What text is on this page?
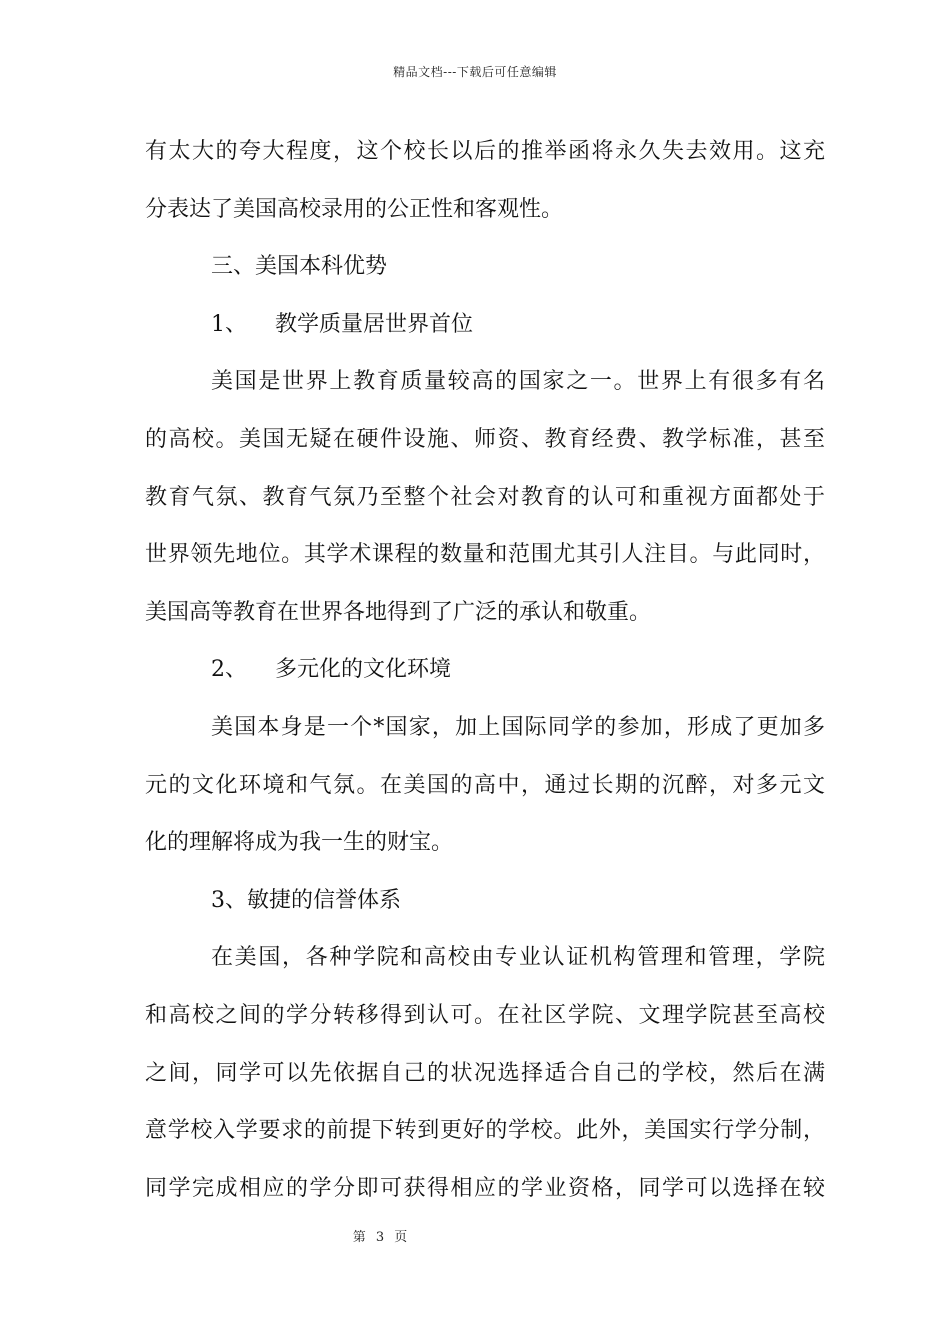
精品文档---下载后可任意编辑
有太大的夸大程度，这个校长以后的推举函将永久失去效用。这充
分表达了美国高校录用的公正性和客观性。
三、美国本科优势
1、 教学质量居世界首位
美国是世界上教育质量较高的国家之一。世界上有很多有名
的高校。美国无疑在硬件设施、师资、教育经费、教学标准，甚至
教育气氛、教育气氛乃至整个社会对教育的认可和重视方面都处于
世界领先地位。其学术课程的数量和范围尤其引人注目。与此同时，
美国高等教育在世界各地得到了广泛的承认和敬重。
2、 多元化的文化环境
美国本身是一个*国家，加上国际同学的参加，形成了更加多
元的文化环境和气氛。在美国的高中，通过长期的沉醉，对多元文
化的理解将成为我一生的财宝。
3、敏捷的信誉体系
在美国，各种学院和高校由专业认证机构管理和管理，学院
和高校之间的学分转移得到认可。在社区学院、文理学院甚至高校
之间，同学可以先依据自己的状况选择适合自己的学校，然后在满
意学校入学要求的前提下转到更好的学校。此外，美国实行学分制，
同学完成相应的学分即可获得相应的学业资格，同学可以选择在较
第 3 页
